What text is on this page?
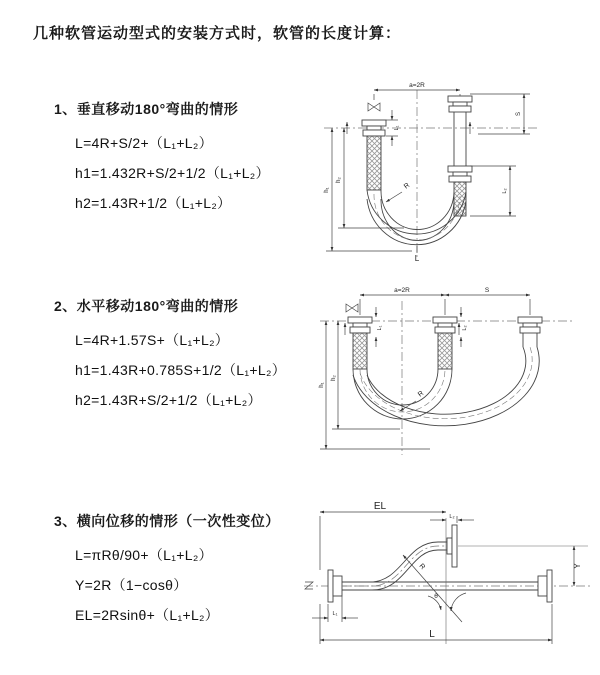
几种软管运动型式的安装方式时，软管的长度计算：
1、垂直移动180°弯曲的情形
L=4R+S/2+（L₁+L₂）
h1=1.432R+S/2+1/2（L₁+L₂）
h2=1.43R+1/2（L₁+L₂）
2、水平移动180°弯曲的情形
L=4R+1.57S+（L₁+L₂）
h1=1.43R+0.785S+1/2（L₁+L₂）
h2=1.43R+S/2+1/2（L₁+L₂）
3、横向位移的情形（一次性变位）
L=πRθ/90+（L₁+L₂）
Y=2R（1−cosθ）
EL=2Rsinθ+（L₁+L₂）
a=2R
h₁
h₂
L₁
S
L₂
R
L
a=2R	S
h₁
h₂
L₁	L₂
R
EL
L₂
Y
L
L₁
R
θ
